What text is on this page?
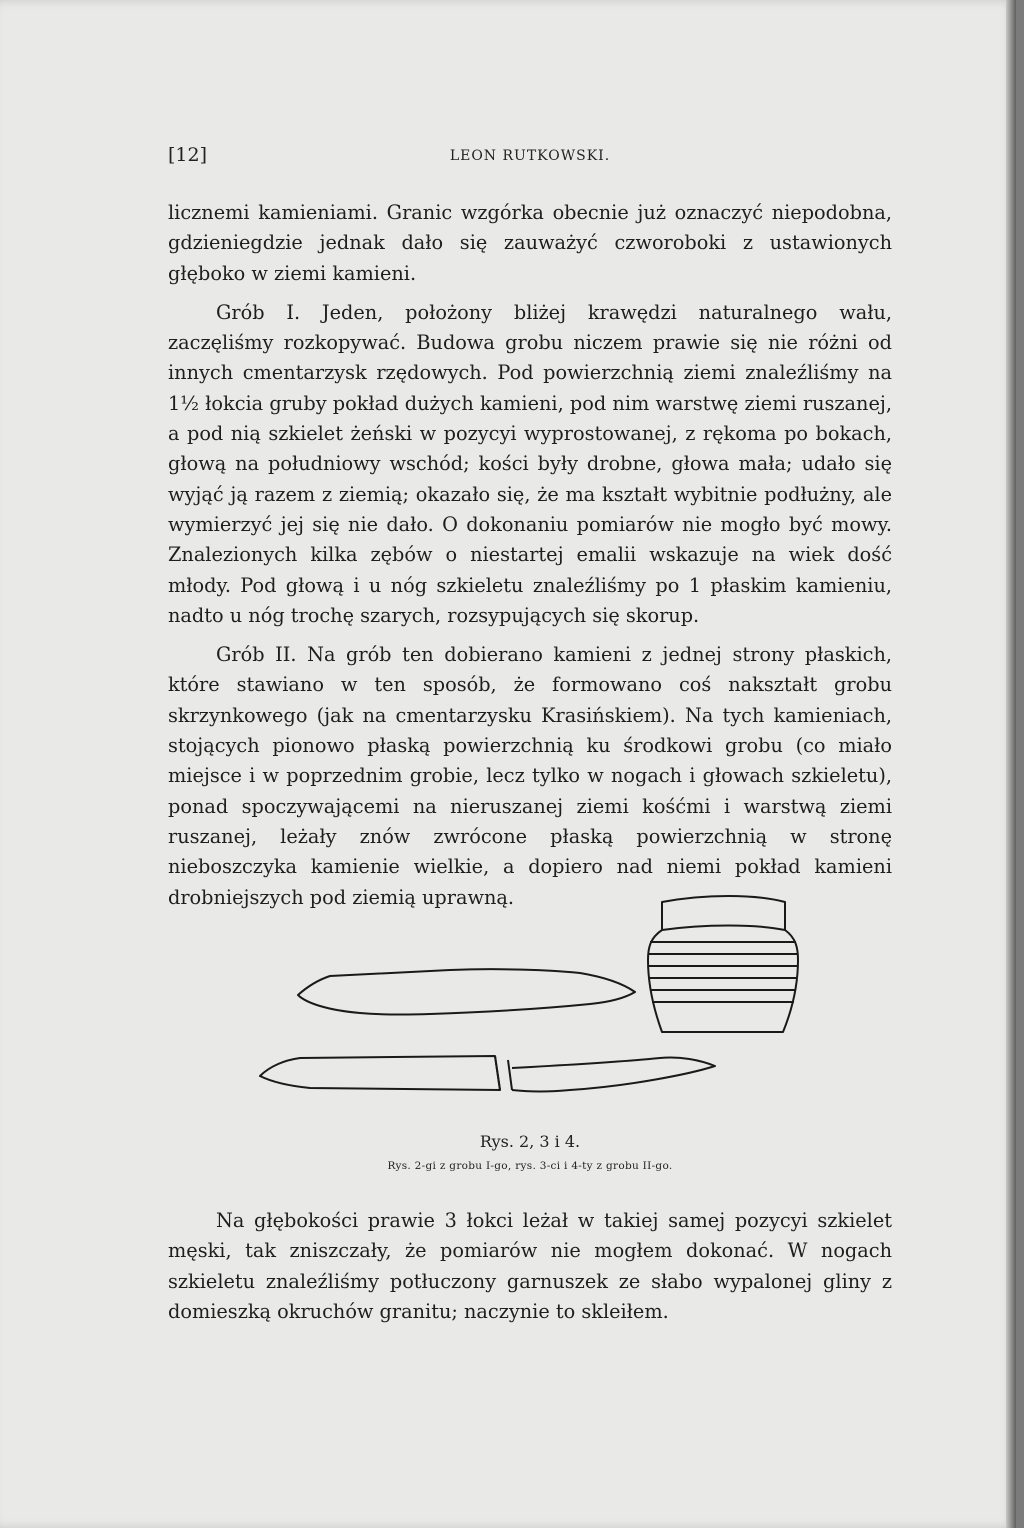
[12]	LEON RUTKOWSKI.

licznemi kamieniami. Granic wzgórka obecnie już oznaczyć niepodobna, gdzieniegdzie jednak dało się zauważyć czworoboki z ustawionych głęboko w ziemi kamieni.

Grób I. Jeden, położony bliżej krawędzi naturalnego wału, zaczęliśmy rozkopywać. Budowa grobu niczem prawie się nie różni od innych cmentarzysk rzędowych. Pod powierzchnią ziemi znaleźliśmy na 1½ łokcia gruby pokład dużych kamieni, pod nim warstwę ziemi ruszanej, a pod nią szkielet żeński w pozycyi wyprostowanej, z rękoma po bokach, głową na południowy wschód; kości były drobne, głowa mała; udało się wyjąć ją razem z ziemią; okazało się, że ma kształt wybitnie podłużny, ale wymierzyć jej się nie dało. O dokonaniu pomiarów nie mogło być mowy. Znalezionych kilka zębów o niestartej emalii wskazuje na wiek dość młody. Pod głową i u nóg szkieletu znaleźliśmy po 1 płaskim kamieniu, nadto u nóg trochę szarych, rozsypujących się skorup.

Grób II. Na grób ten dobierano kamieni z jednej strony płaskich, które stawiano w ten sposób, że formowano coś nakształt grobu skrzynkowego (jak na cmentarzysku Krasińskiem). Na tych kamieniach, stojących pionowo płaską powierzchnią ku środkowi grobu (co miało miejsce i w poprzednim grobie, lecz tylko w nogach i głowach szkieletu), ponad spoczywającemi na nieruszanej ziemi kośćmi i warstwą ziemi ruszanej, leżały znów zwrócone płaską powierzchnią w stronę nieboszczyka kamienie wielkie, a dopiero nad niemi pokład kamieni drobniejszych pod ziemią uprawną.

Rys. 2, 3 i 4.
Rys. 2-gi z grobu I-go, rys. 3-ci i 4-ty z grobu II-go.

Na głębokości prawie 3 łokci leżał w takiej samej pozycyi szkielet męski, tak zniszczały, że pomiarów nie mogłem dokonać. W nogach szkieletu znaleźliśmy potłuczony garnuszek ze słabo wypalonej gliny z domieszką okruchów granitu; naczynie to skleiłem.
